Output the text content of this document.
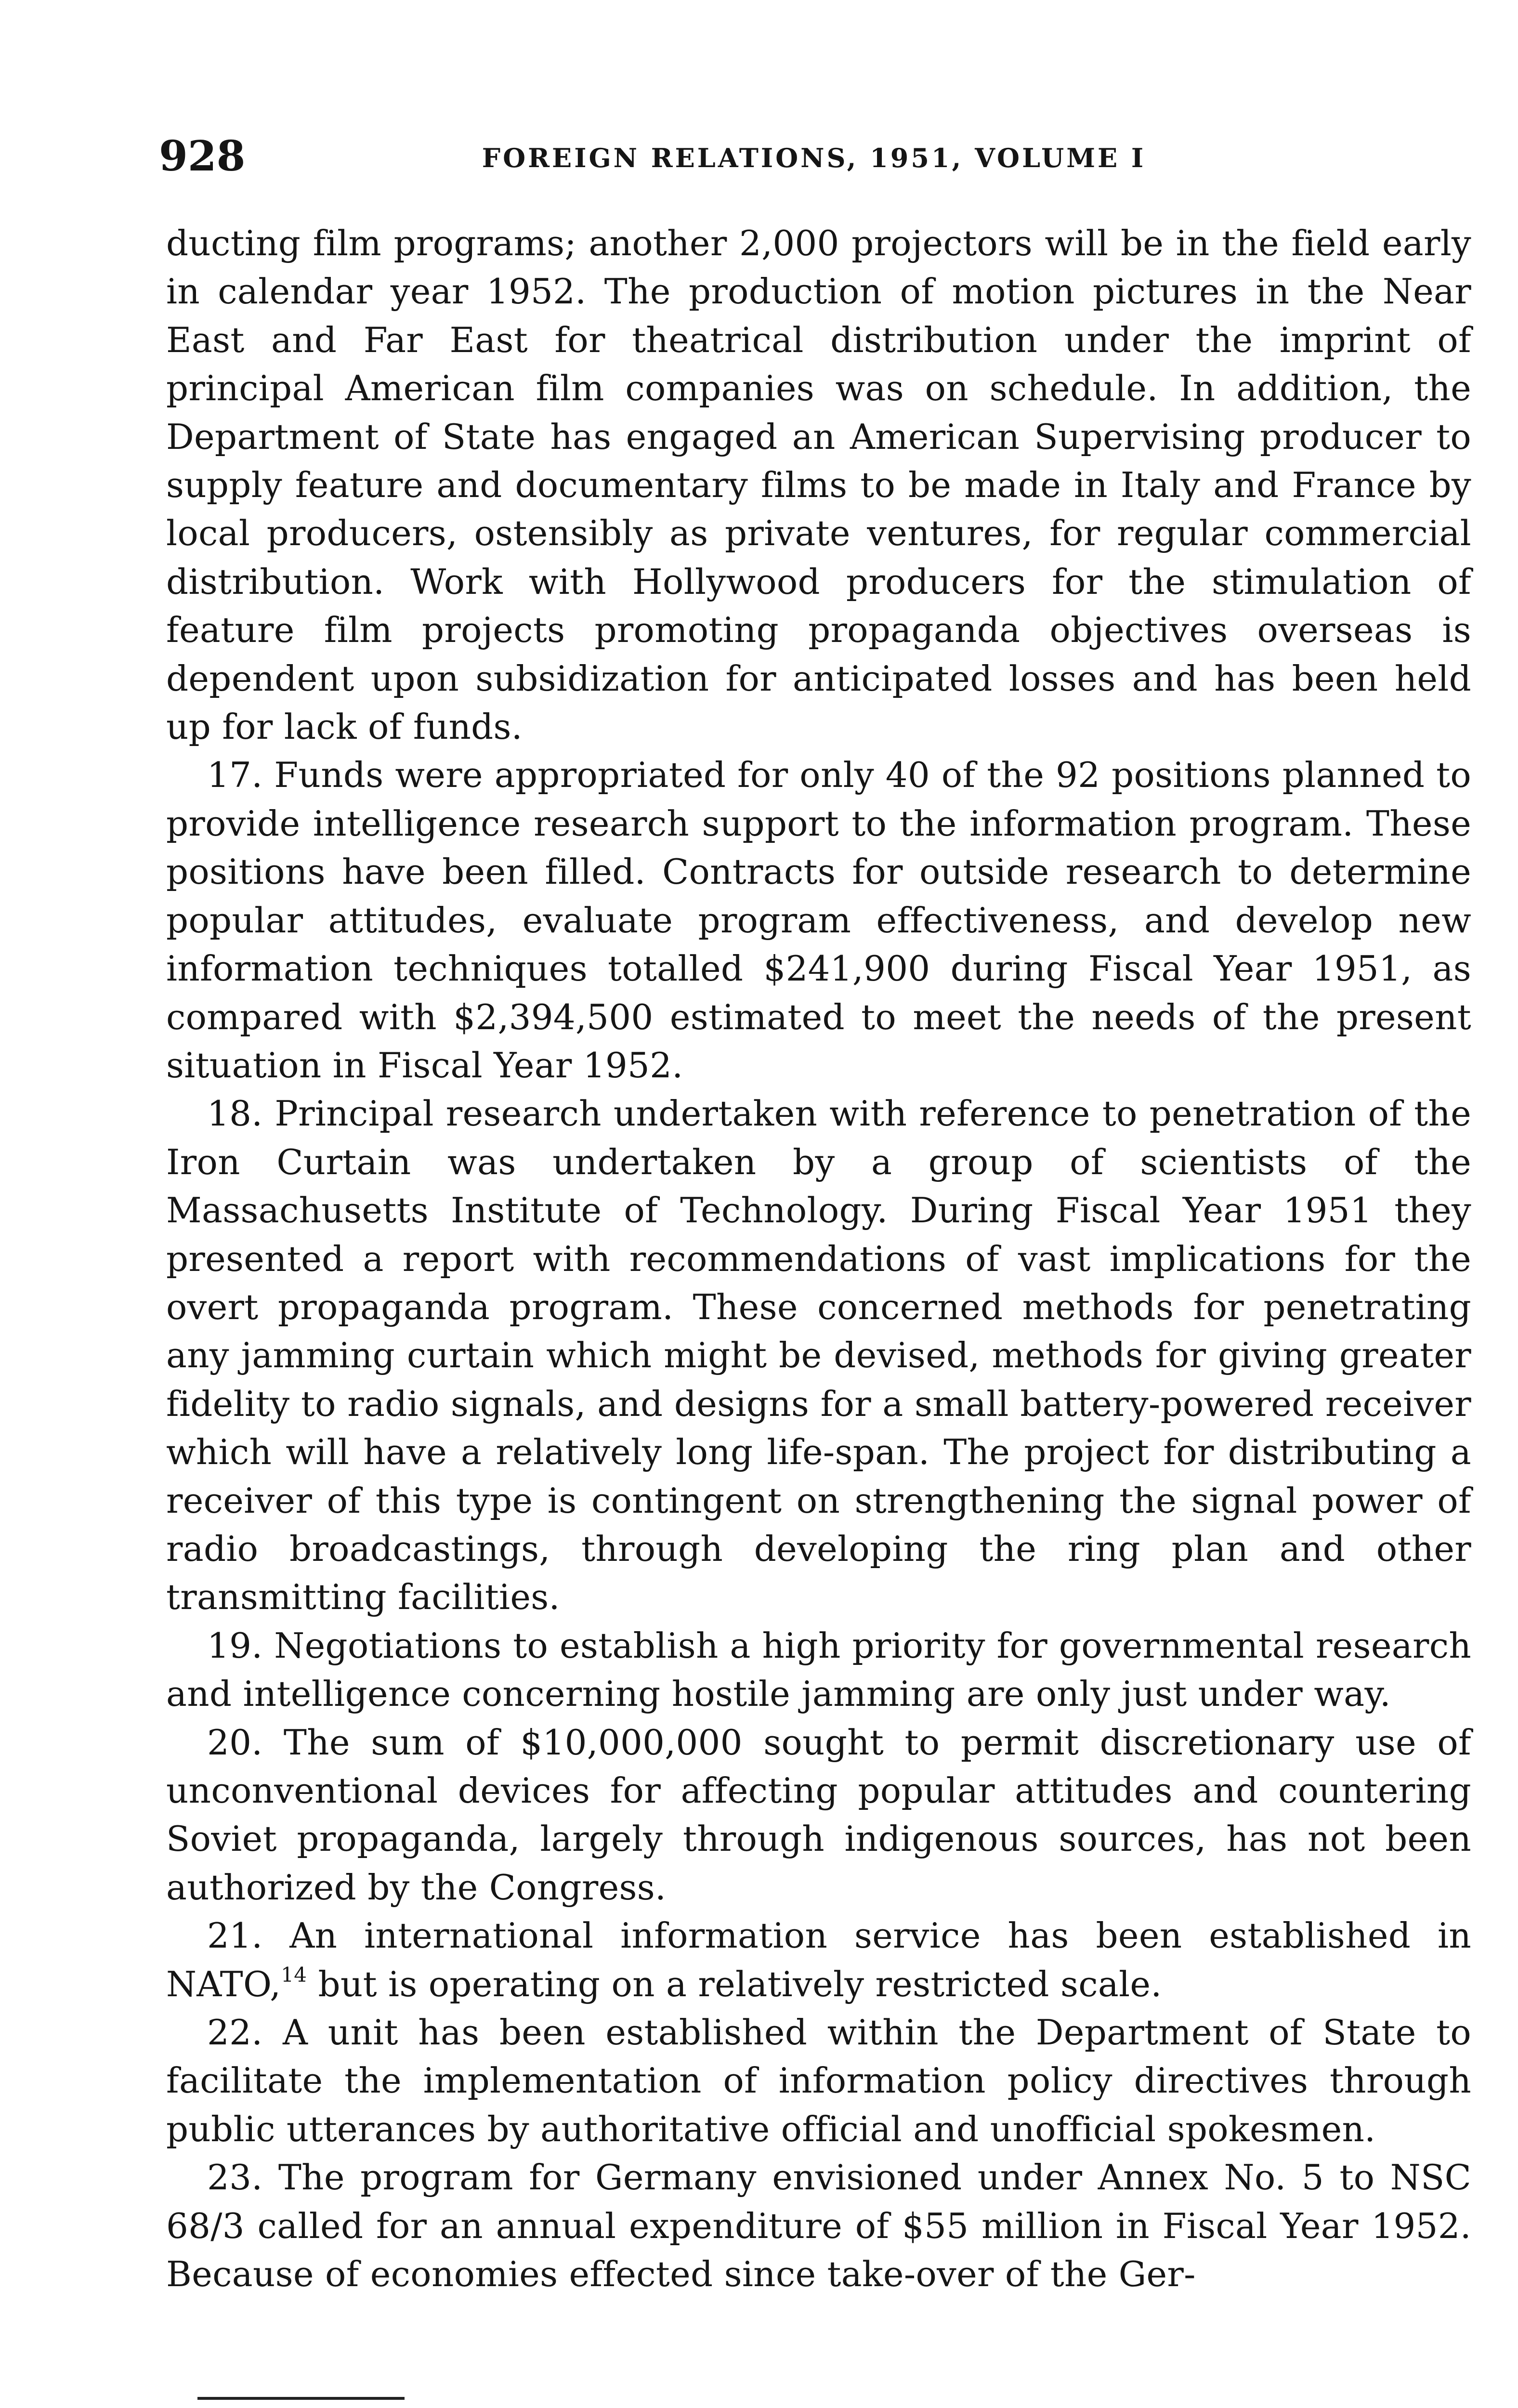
928	FOREIGN RELATIONS, 1951, VOLUME I

ducting film programs; another 2,000 projectors will be in the field early in calendar year 1952. The production of motion pictures in the Near East and Far East for theatrical distribution under the imprint of principal American film companies was on schedule. In addition, the Department of State has engaged an American Supervising producer to supply feature and documentary films to be made in Italy and France by local producers, ostensibly as private ventures, for regular commercial distribution. Work with Hollywood producers for the stimulation of feature film projects promoting propaganda objectives overseas is dependent upon subsidization for anticipated losses and has been held up for lack of funds.

17. Funds were appropriated for only 40 of the 92 positions planned to provide intelligence research support to the information program. These positions have been filled. Contracts for outside research to determine popular attitudes, evaluate program effectiveness, and develop new information techniques totalled $241,900 during Fiscal Year 1951, as compared with $2,394,500 estimated to meet the needs of the present situation in Fiscal Year 1952.

18. Principal research undertaken with reference to penetration of the Iron Curtain was undertaken by a group of scientists of the Massachusetts Institute of Technology. During Fiscal Year 1951 they presented a report with recommendations of vast implications for the overt propaganda program. These concerned methods for penetrating any jamming curtain which might be devised, methods for giving greater fidelity to radio signals, and designs for a small battery-powered receiver which will have a relatively long life-span. The project for distributing a receiver of this type is contingent on strengthening the signal power of radio broadcastings, through developing the ring plan and other transmitting facilities.

19. Negotiations to establish a high priority for governmental research and intelligence concerning hostile jamming are only just under way.

20. The sum of $10,000,000 sought to permit discretionary use of unconventional devices for affecting popular attitudes and countering Soviet propaganda, largely through indigenous sources, has not been authorized by the Congress.

21. An international information service has been established in NATO,$^{14}$ but is operating on a relatively restricted scale.

22. A unit has been established within the Department of State to facilitate the implementation of information policy directives through public utterances by authoritative official and unofficial spokesmen.

23. The program for Germany envisioned under Annex No. 5 to NSC 68/3 called for an annual expenditure of $55 million in Fiscal Year 1952. Because of economies effected since take-over of the Ger-
